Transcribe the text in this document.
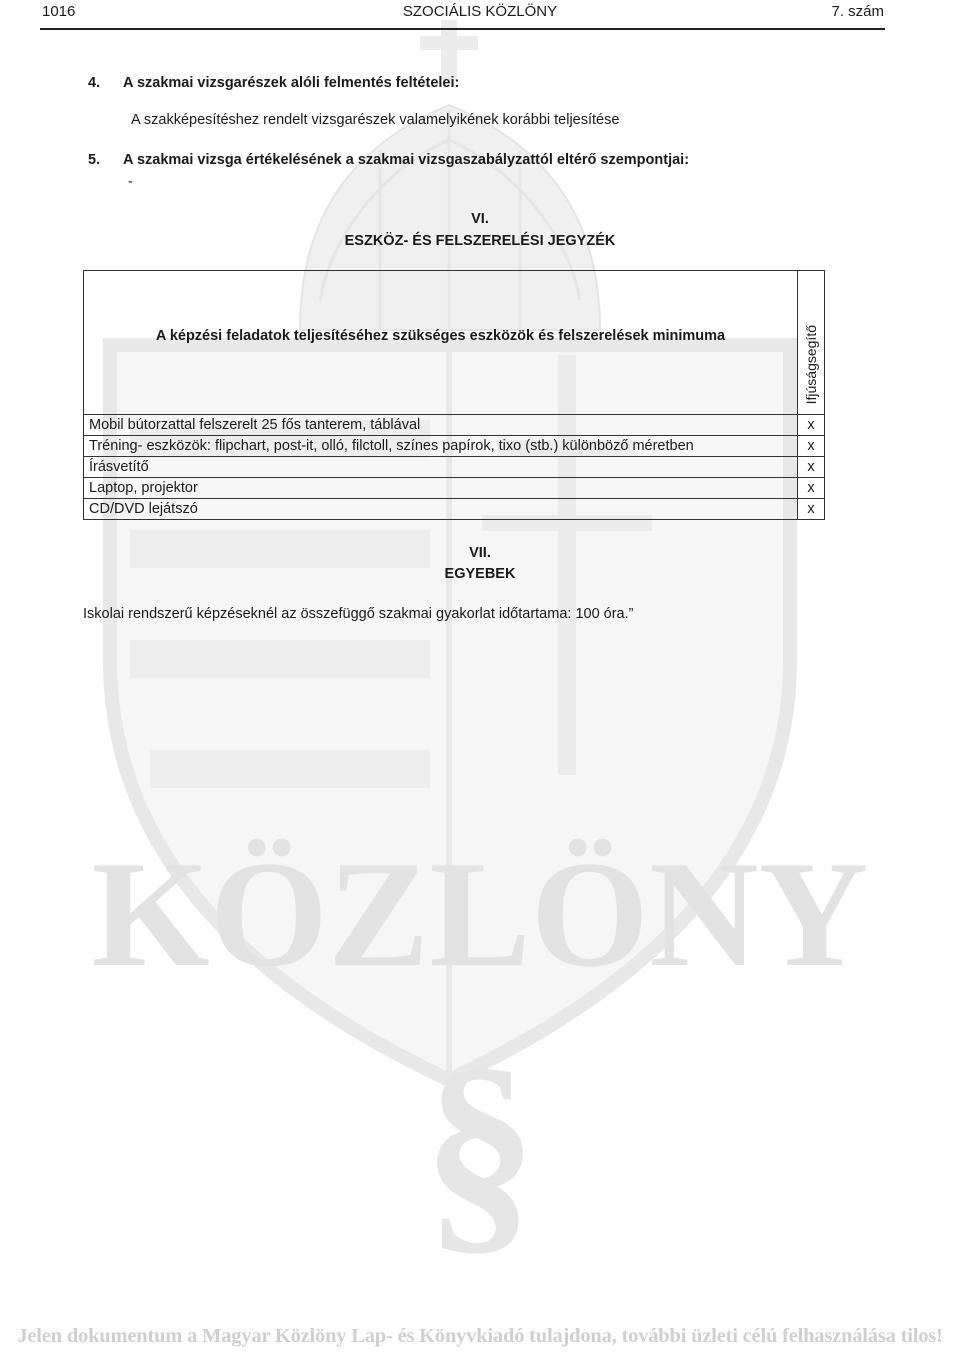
KÖZLÖNY
§
1016	SZOCIÁLIS KÖZLÖNY	7. szám
4. A szakmai vizsgarészek alóli felmentés feltételei:
A szakképesítéshez rendelt vizsgarészek valamelyikének korábbi teljesítése
5. A szakmai vizsga értékelésének a szakmai vizsgaszabályzattól eltérő szempontjai:
-
VI.
ESZKÖZ- ÉS FELSZERELÉSI JEGYZÉK
A képzési feladatok teljesítéséhez szükséges eszközök és felszerelések minimuma	Ifjúságsegítő
Mobil bútorzattal felszerelt 25 fős tanterem, táblával	x
Tréning- eszközök: flipchart, post-it, olló, filctoll, színes papírok, tixo (stb.) különböző méretben	x
Írásvetítő	x
Laptop, projektor	x
CD/DVD lejátszó	x
VII.
EGYEBEK
Iskolai rendszerű képzéseknél az összefüggő szakmai gyakorlat időtartama: 100 óra.”
Jelen dokumentum a Magyar Közlöny Lap- és Könyvkiadó tulajdona, további üzleti célú felhasználása tilos!
